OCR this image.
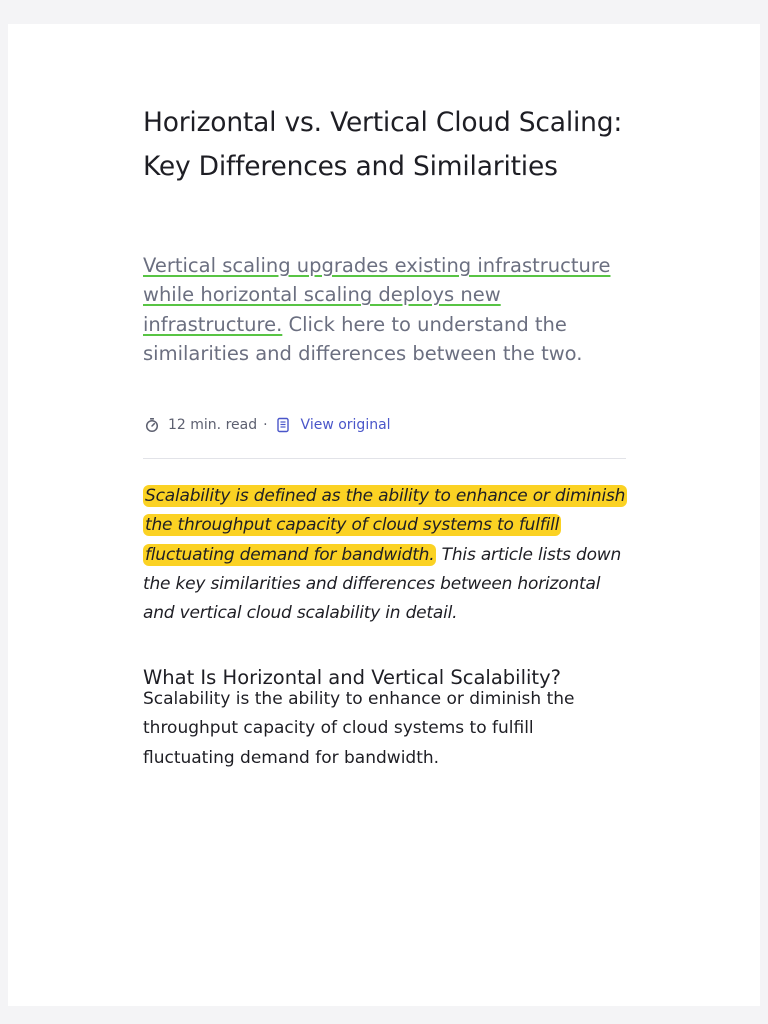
Horizontal vs. Vertical Cloud Scaling: Key Differences and Similarities

Vertical scaling upgrades existing infrastructure while horizontal scaling deploys new infrastructure. Click here to understand the similarities and differences between the two.

12 min. read · View original

Scalability is defined as the ability to enhance or diminish the throughput capacity of cloud systems to fulfill fluctuating demand for bandwidth. This article lists down the key similarities and differences between horizontal and vertical cloud scalability in detail.

What Is Horizontal and Vertical Scalability?

Scalability is the ability to enhance or diminish the throughput capacity of cloud systems to fulfill fluctuating demand for bandwidth.
